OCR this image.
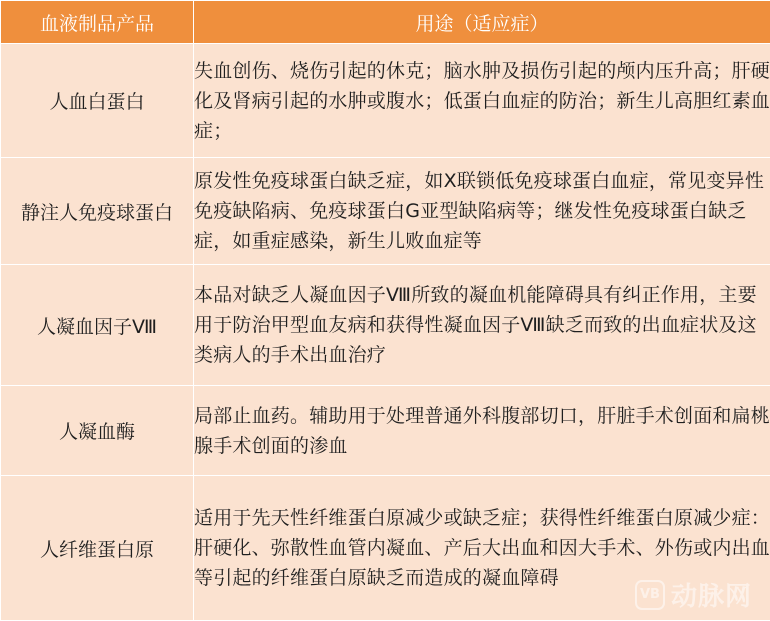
血液制品产品	用途（适应症）
人血白蛋白	失血创伤、烧伤引起的休克；脑水肿及损伤引起的颅内压升高；肝硬化及肾病引起的水肿或腹水；低蛋白血症的防治；新生儿高胆红素血症；
静注人免疫球蛋白	原发性免疫球蛋白缺乏症，如X联锁低免疫球蛋白血症，常见变异性免疫缺陷病、免疫球蛋白G亚型缺陷病等；继发性免疫球蛋白缺乏症，如重症感染，新生儿败血症等
人凝血因子Ⅷ	本品对缺乏人凝血因子Ⅷ所致的凝血机能障碍具有纠正作用，主要用于防治甲型血友病和获得性凝血因子Ⅷ缺乏而致的出血症状及这类病人的手术出血治疗
人凝血酶	局部止血药。辅助用于处理普通外科腹部切口，肝脏手术创面和扁桃腺手术创面的渗血
人纤维蛋白原	适用于先天性纤维蛋白原减少或缺乏症；获得性纤维蛋白原减少症：肝硬化、弥散性血管内凝血、产后大出血和因大手术、外伤或内出血等引起的纤维蛋白原缺乏而造成的凝血障碍
VB 动脉网
